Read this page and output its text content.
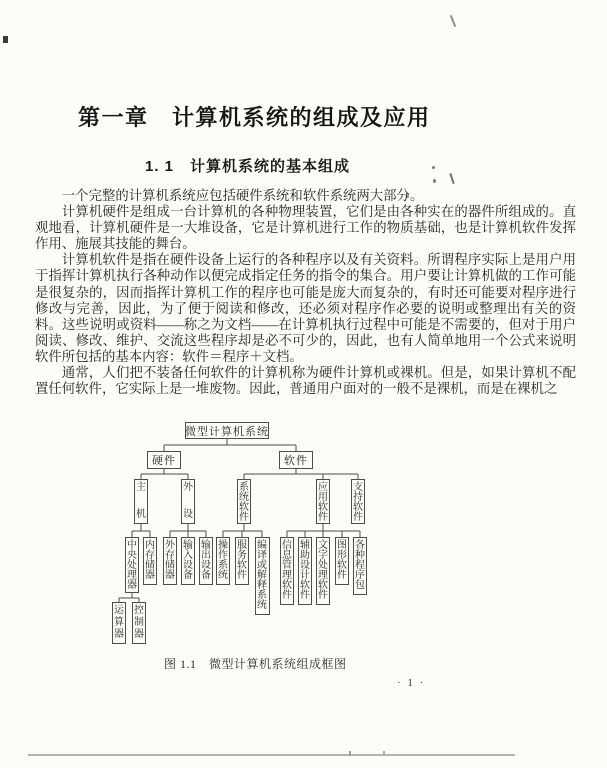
第一章　计算机系统的组成及应用
1. 1　计算机系统的基本组成

一个完整的计算机系统应包括硬件系统和软件系统两大部分。

计算机硬件是组成一台计算机的各种物理装置，它们是由各种实在的器件所组成的。直观地看，计算机硬件是一大堆设备，它是计算机进行工作的物质基础，也是计算机软件发挥作用、施展其技能的舞台。

计算机软件是指在硬件设备上运行的各种程序以及有关资料。所谓程序实际上是用户用于指挥计算机执行各种动作以便完成指定任务的指令的集合。用户要让计算机做的工作可能是很复杂的，因而指挥计算机工作的程序也可能是庞大而复杂的，有时还可能要对程序进行修改与完善，因此，为了便于阅读和修改，还必须对程序作必要的说明或整理出有关的资料。这些说明或资料——称之为文档——在计算机执行过程中可能是不需要的，但对于用户阅读、修改、维护、交流这些程序却是必不可少的，因此，也有人简单地用一个公式来说明软件所包括的基本内容：软件＝程序＋文档。

通常，人们把不装备任何软件的计算机称为硬件计算机或裸机。但是，如果计算机不配置任何软件，它实际上是一堆废物。因此，普通用户面对的一般不是裸机，而是在裸机之

微型计算机系统
硬件	软件
主
机
外
设
系
统
软
件
应
用
软
件
支
持
软
件
中
央
处
理
器
内
存
储
器
外
存
储
器
输
入
设
备
输
出
设
备
操
作
系
统
服
务
软
件
编
译
或
解
释
系
统
信
息
管
理
软
件
辅
助
设
计
软
件
文
字
处
理
软
件
图
形
软
件
各
种
程
序
包
运
算
器
控
制
器
图 1.1　微型计算机系统组成框图
· 1 ·
